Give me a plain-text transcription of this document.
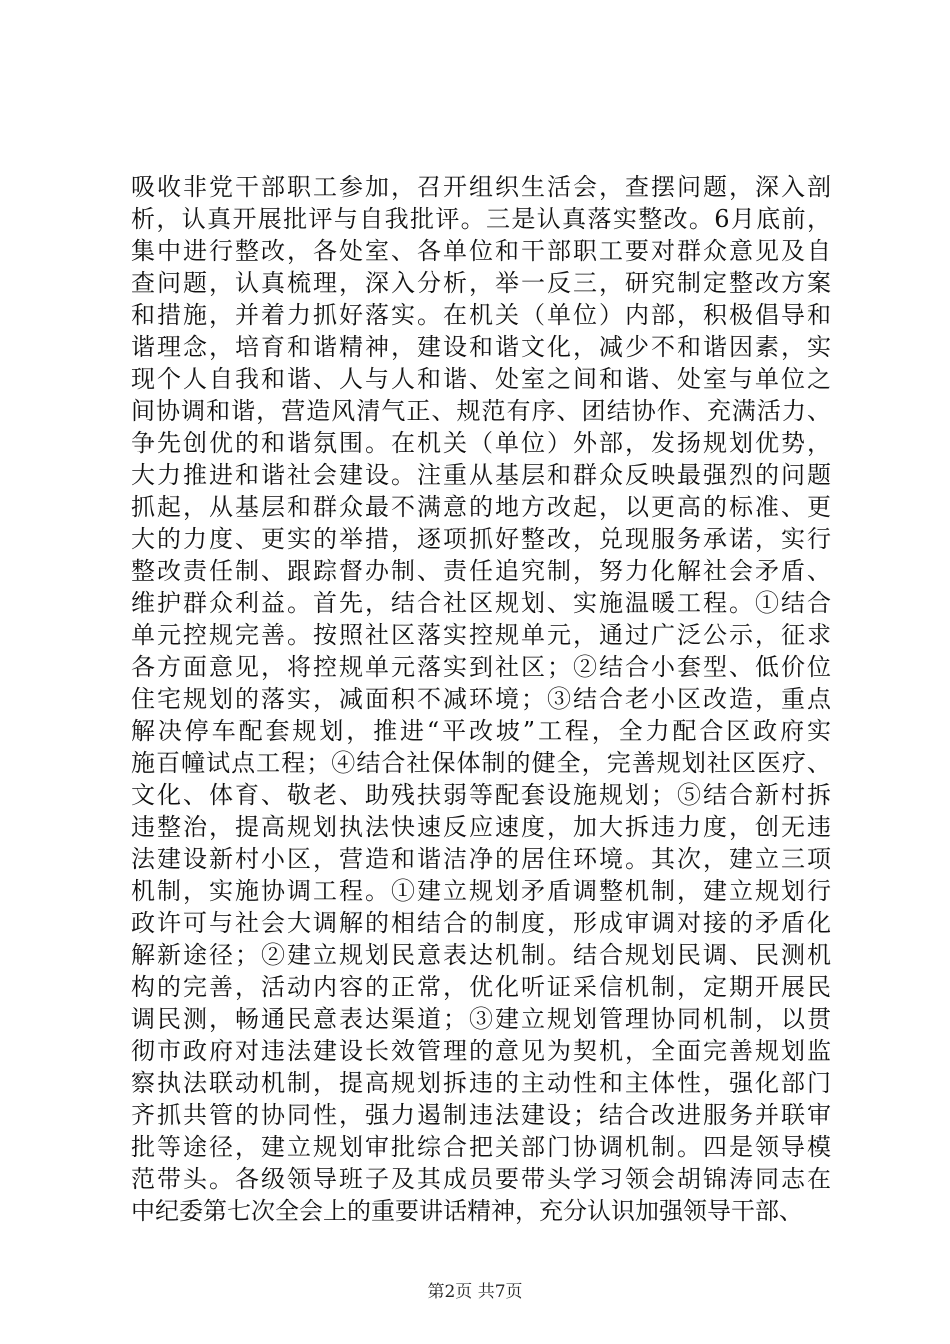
吸收非党干部职工参加，召开组织生活会，查摆问题，深入剖
析，认真开展批评与自我批评。三是认真落实整改。6月底前，
集中进行整改，各处室、各单位和干部职工要对群众意见及自
查问题，认真梳理，深入分析，举一反三，研究制定整改方案
和措施，并着力抓好落实。在机关（单位）内部，积极倡导和
谐理念，培育和谐精神，建设和谐文化，减少不和谐因素，实
现个人自我和谐、人与人和谐、处室之间和谐、处室与单位之
间协调和谐，营造风清气正、规范有序、团结协作、充满活力、
争先创优的和谐氛围。在机关（单位）外部，发扬规划优势，
大力推进和谐社会建设。注重从基层和群众反映最强烈的问题
抓起，从基层和群众最不满意的地方改起，以更高的标准、更
大的力度、更实的举措，逐项抓好整改，兑现服务承诺，实行
整改责任制、跟踪督办制、责任追究制，努力化解社会矛盾、
维护群众利益。首先，结合社区规划、实施温暖工程。①结合
单元控规完善。按照社区落实控规单元，通过广泛公示，征求
各方面意见，将控规单元落实到社区；②结合小套型、低价位
住宅规划的落实，减面积不减环境；③结合老小区改造，重点
解决停车配套规划，推进“平改坡”工程，全力配合区政府实
施百幢试点工程；④结合社保体制的健全，完善规划社区医疗、
文化、体育、敬老、助残扶弱等配套设施规划；⑤结合新村拆
违整治，提高规划执法快速反应速度，加大拆违力度，创无违
法建设新村小区，营造和谐洁净的居住环境。其次，建立三项
机制，实施协调工程。①建立规划矛盾调整机制，建立规划行
政许可与社会大调解的相结合的制度，形成审调对接的矛盾化
解新途径；②建立规划民意表达机制。结合规划民调、民测机
构的完善，活动内容的正常，优化听证采信机制，定期开展民
调民测，畅通民意表达渠道；③建立规划管理协同机制，以贯
彻市政府对违法建设长效管理的意见为契机，全面完善规划监
察执法联动机制，提高规划拆违的主动性和主体性，强化部门
齐抓共管的协同性，强力遏制违法建设；结合改进服务并联审
批等途径，建立规划审批综合把关部门协调机制。四是领导模
范带头。各级领导班子及其成员要带头学习领会胡锦涛同志在
中纪委第七次全会上的重要讲话精神，充分认识加强领导干部、
第2页 共7页
